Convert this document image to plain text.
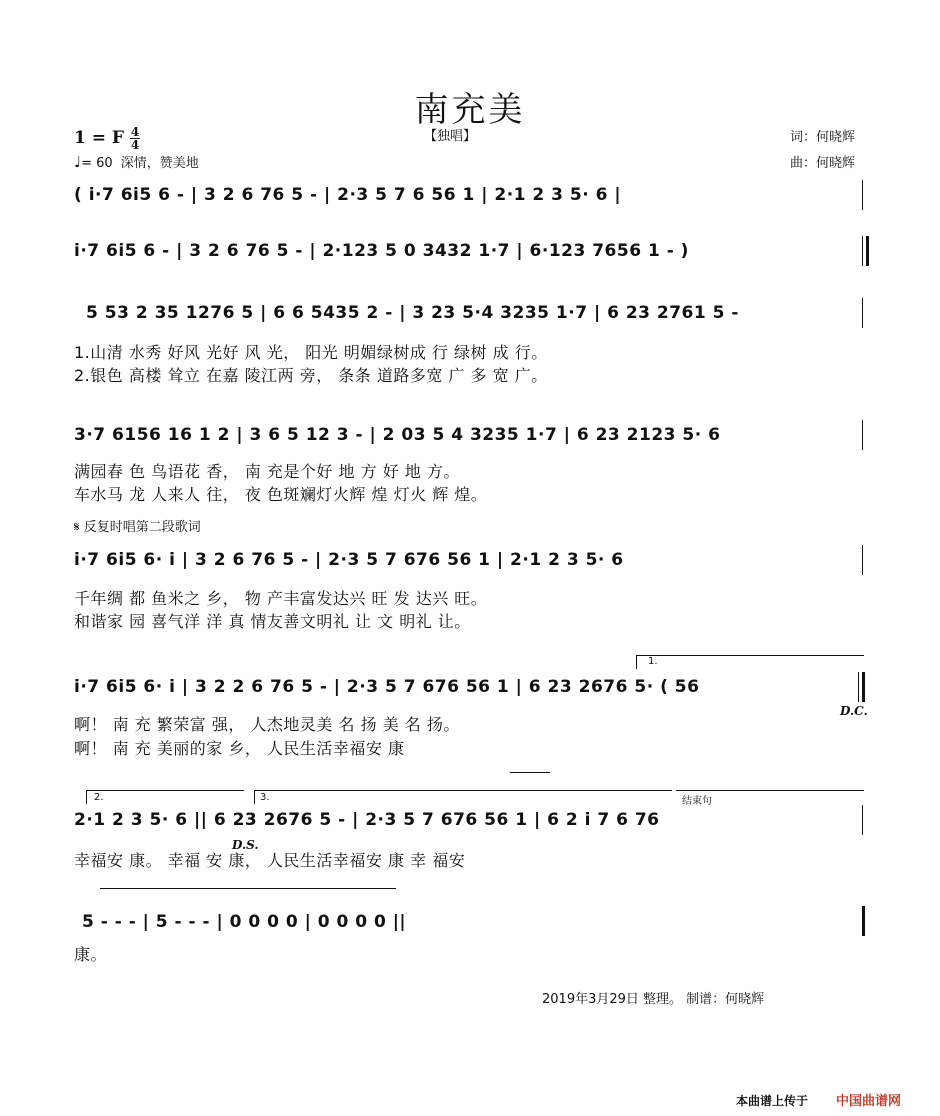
南充美
1 = F $\frac{4}{4}$	【独唱】
♩= 60 深情，赞美地
词：何晓辉
曲：何晓辉
( i·7 6i5 6 - | 3 2 6 76 5 - | 2·3 5 7 6 56 1 | 2·1 2 3 5· 6 |
i·7 6i5 6 - | 3 2 6 76 5 - | 2·123 5 0 3432 1·7 | 6·123 7656 1 - )
5 53 2 35 1276 5 | 6 6 5435 2 - | 3 23 5·4 3235 1·7 | 6 23 2761 5 -
1.山清 水秀 好风 光好 风 光， 阳光 明媚绿树成 行 绿树 成 行。
2.银色 高楼 耸立 在嘉 陵江两 旁， 条条 道路多宽 广 多 宽 广。
3·7 6156 16 1 2 | 3 6 5 12 3 - | 2 03 5 4 3235 1·7 | 6 23 2123 5· 6
满园春 色 鸟语花 香， 南 充是个好 地 方 好 地 方。
车水马 龙 人来人 往， 夜 色斑斓灯火辉 煌 灯火 辉 煌。
𝄋 反复时唱第二段歌词
i·7 6i5 6· i | 3 2 6 76 5 - | 2·3 5 7 676 56 1 | 2·1 2 3 5· 6
千年绸 都 鱼米之 乡， 物 产丰富发达兴 旺 发 达兴 旺。
和谐家 园 喜气洋 洋 真 情友善文明礼 让 文 明礼 让。
1.
i·7 6i5 6· i | 3 2 2 6 76 5 - | 2·3 5 7 676 56 1 | 6 23 2676 5· ( 56
D.C.
啊！ 南 充 繁荣富 强， 人杰地灵美 名 扬 美 名 扬。
啊！ 南 充 美丽的家 乡， 人民生活幸福安 康
2.	3.	结束句
2·1 2 3 5· 6 || 6 23 2676 5 - | 2·3 5 7 676 56 1 | 6 2 i 7 6 76
D.S.
幸福安 康。 幸福 安 康， 人民生活幸福安 康 幸 福安
5 - - - | 5 - - - | 0 0 0 0 | 0 0 0 0 ||
康。
2019年3月29日 整理。 制谱：何晓辉
本曲谱上传于 中国曲谱网
